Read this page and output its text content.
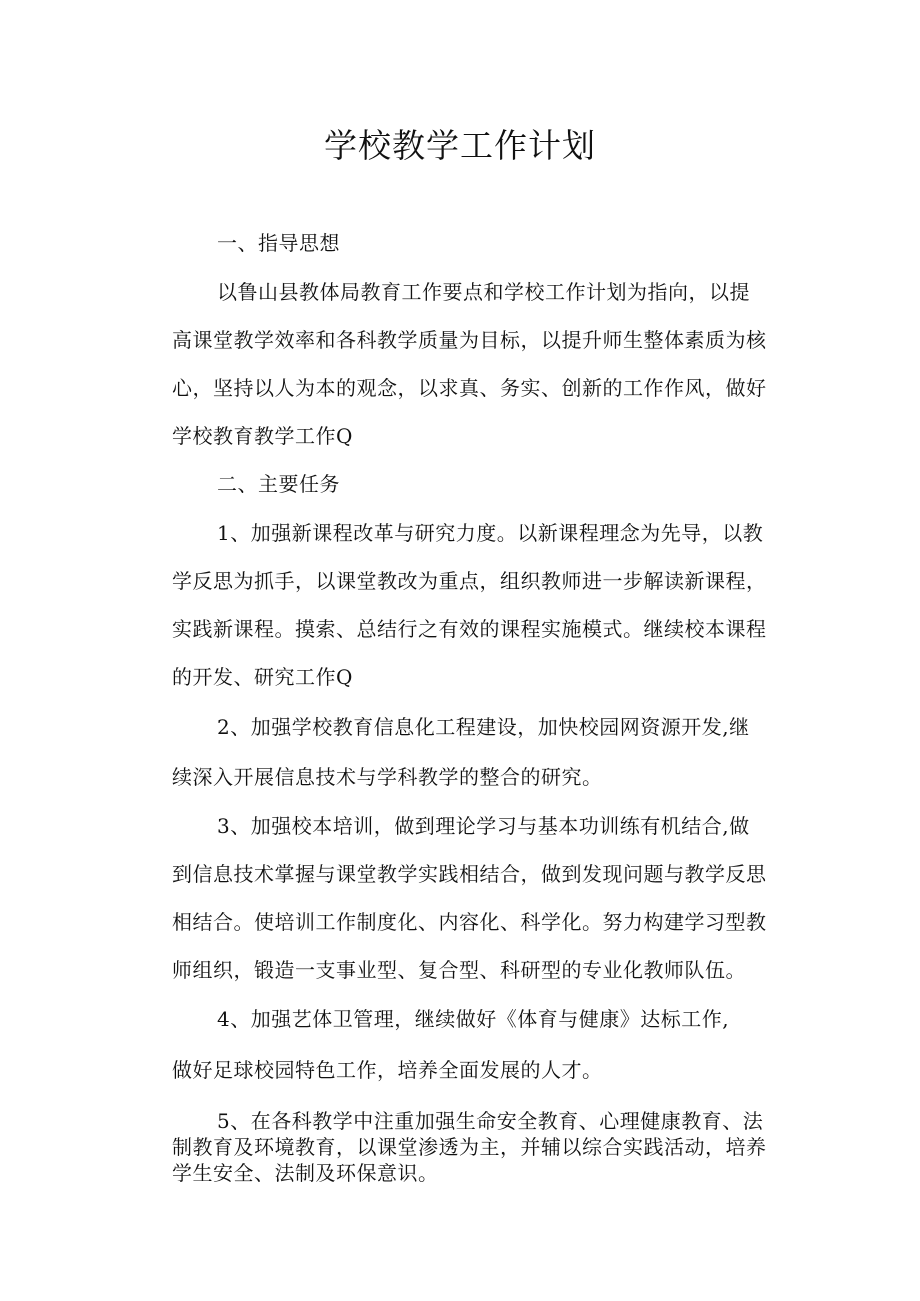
学校教学工作计划
一、指导思想
以鲁山县教体局教育工作要点和学校工作计划为指向，以提
高课堂教学效率和各科教学质量为目标，以提升师生整体素质为核
心，坚持以人为本的观念，以求真、务实、创新的工作作风，做好
学校教育教学工作Q
二、主要任务
1、加强新课程改革与研究力度。以新课程理念为先导，以教
学反思为抓手，以课堂教改为重点，组织教师进一步解读新课程，
实践新课程。摸索、总结行之有效的课程实施模式。继续校本课程
的开发、研究工作Q
2、加强学校教育信息化工程建设，加快校园网资源开发,继
续深入开展信息技术与学科教学的整合的研究。
3、加强校本培训，做到理论学习与基本功训练有机结合,做
到信息技术掌握与课堂教学实践相结合，做到发现问题与教学反思
相结合。使培训工作制度化、内容化、科学化。努力构建学习型教
师组织，锻造一支事业型、复合型、科研型的专业化教师队伍。
4、加强艺体卫管理，继续做好《体育与健康》达标工作,
做好足球校园特色工作，培养全面发展的人才。
5、在各科教学中注重加强生命安全教育、心理健康教育、法
制教育及环境教育，以课堂渗透为主，并辅以综合实践活动，培养
学生安全、法制及环保意识。
